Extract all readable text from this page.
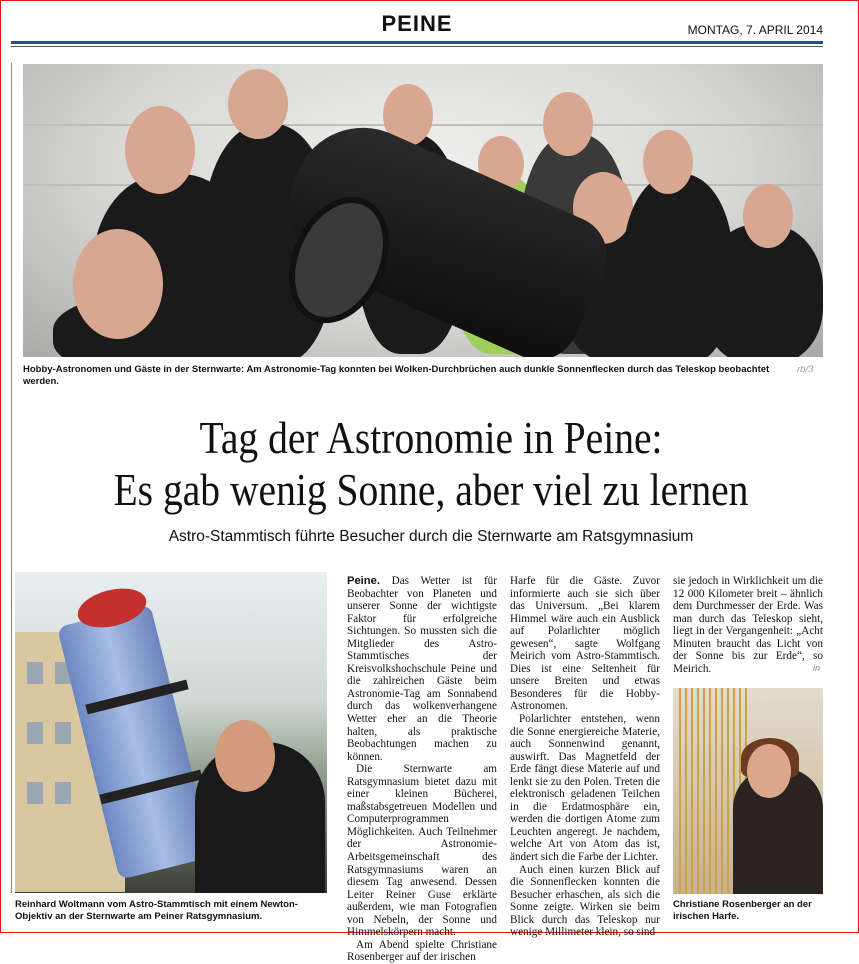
PEINE	MONTAG, 7. APRIL 2014
Hobby-Astronomen und Gäste in der Sternwarte: Am Astronomie-Tag konnten bei Wolken-Durchbrüchen auch dunkle Sonnenflecken durch das Teleskop beobachtet werden.
rb/3
Tag der Astronomie in Peine:
Es gab wenig Sonne, aber viel zu lernen
Astro-Stammtisch führte Besucher durch die Sternwarte am Ratsgymnasium
Reinhard Woltmann vom Astro-Stammtisch mit einem Newton-Objektiv an der Sternwarte am Peiner Ratsgymnasium.

Peine. Das Wetter ist für Beobachter von Planeten und unserer Sonne der wichtigste Faktor für erfolgreiche Sichtungen. So mussten sich die Mitglieder des Astro-Stammtisches der Kreisvolkshochschule Peine und die zahlreichen Gäste beim Astronomie-Tag am Sonnabend durch das wolkenverhangene Wetter eher an die Theorie halten, als praktische Beobachtungen machen zu können.

Die Sternwarte am Ratsgymnasium bietet dazu mit einer kleinen Bücherei, maßstabsgetreuen Modellen und Computerprogrammen Möglichkeiten. Auch Teilnehmer der Astronomie-Arbeitsgemeinschaft des Ratsgymnasiums waren an diesem Tag anwesend. Dessen Leiter Reiner Guse erklärte außerdem, wie man Fotografien von Nebeln, der Sonne und Himmelskörpern macht.

Am Abend spielte Christiane Rosenberger auf der irischen

Harfe für die Gäste. Zuvor informierte auch sie sich über das Universum. „Bei klarem Himmel wäre auch ein Ausblick auf Polarlichter möglich gewesen“, sagte Wolfgang Meirich vom Astro-Stammtisch. Dies ist eine Seltenheit für unsere Breiten und etwas Besonderes für die Hobby-Astronomen.

Polarlichter entstehen, wenn die Sonne energiereiche Materie, auch Sonnenwind genannt, auswirft. Das Magnetfeld der Erde fängt diese Materie auf und lenkt sie zu den Polen. Treten die elektronisch geladenen Teilchen in die Erdatmosphäre ein, werden die dortigen Atome zum Leuchten angeregt. Je nachdem, welche Art von Atom das ist, ändert sich die Farbe der Lichter.

Auch einen kurzen Blick auf die Sonnenflecken konnten die Besucher erhaschen, als sich die Sonne zeigte. Wirken sie beim Blick durch das Teleskop nur wenige Millimeter klein, so sind

sie jedoch in Wirklichkeit um die 12 000 Kilometer breit – ähnlich dem Durchmesser der Erde. Was man durch das Teleskop sieht, liegt in der Vergangenheit: „Acht Minuten braucht das Licht von der Sonne bis zur Erde“, so Meirich.	in
Christiane Rosenberger an der irischen Harfe.
